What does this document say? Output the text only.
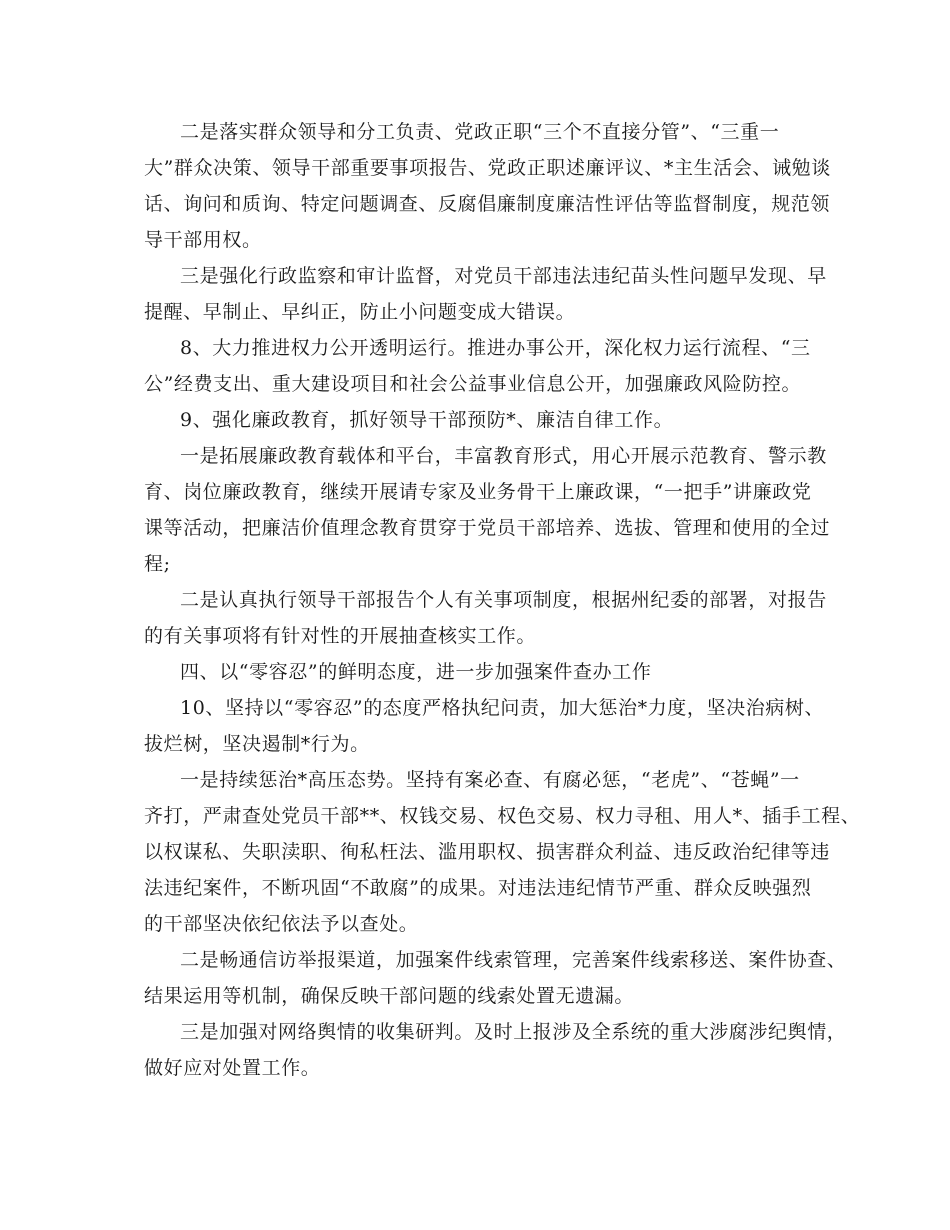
二是落实群众领导和分工负责、党政正职“三个不直接分管”、“三重一

大”群众决策、领导干部重要事项报告、党政正职述廉评议、*主生活会、诫勉谈

话、询问和质询、特定问题调查、反腐倡廉制度廉洁性评估等监督制度，规范领

导干部用权。

三是强化行政监察和审计监督，对党员干部违法违纪苗头性问题早发现、早

提醒、早制止、早纠正，防止小问题变成大错误。

8、大力推进权力公开透明运行。推进办事公开，深化权力运行流程、“三

公”经费支出、重大建设项目和社会公益事业信息公开，加强廉政风险防控。

9、强化廉政教育，抓好领导干部预防*、廉洁自律工作。

一是拓展廉政教育载体和平台，丰富教育形式，用心开展示范教育、警示教

育、岗位廉政教育，继续开展请专家及业务骨干上廉政课，“一把手”讲廉政党

课等活动，把廉洁价值理念教育贯穿于党员干部培养、选拔、管理和使用的全过

程;

二是认真执行领导干部报告个人有关事项制度，根据州纪委的部署，对报告

的有关事项将有针对性的开展抽查核实工作。

四、以“零容忍”的鲜明态度，进一步加强案件查办工作

10、坚持以“零容忍”的态度严格执纪问责，加大惩治*力度，坚决治病树、

拔烂树，坚决遏制*行为。

一是持续惩治*高压态势。坚持有案必查、有腐必惩，“老虎”、“苍蝇”一

齐打，严肃查处党员干部**、权钱交易、权色交易、权力寻租、用人*、插手工程、

以权谋私、失职渎职、徇私枉法、滥用职权、损害群众利益、违反政治纪律等违

法违纪案件，不断巩固“不敢腐”的成果。对违法违纪情节严重、群众反映强烈

的干部坚决依纪依法予以查处。

二是畅通信访举报渠道，加强案件线索管理，完善案件线索移送、案件协查、

结果运用等机制，确保反映干部问题的线索处置无遗漏。

三是加强对网络舆情的收集研判。及时上报涉及全系统的重大涉腐涉纪舆情，

做好应对处置工作。
